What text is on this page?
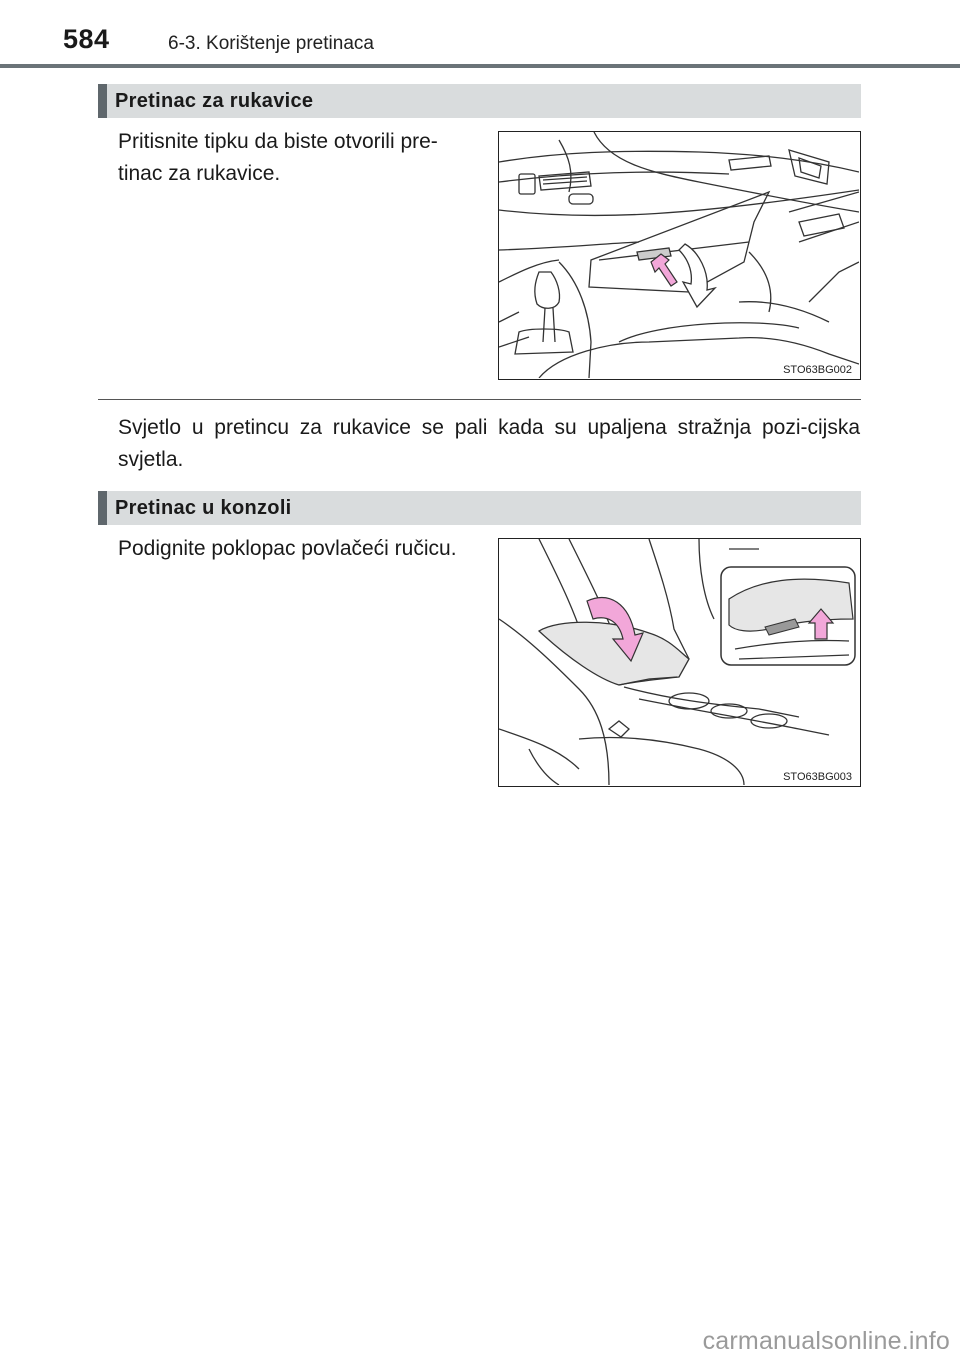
584	6-3. Korištenje pretinaca
Pretinac za rukavice
Pritisnite tipku da biste otvorili pre-tinac za rukavice.
STO63BG002
Svjetlo u pretincu za rukavice se pali kada su upaljena stražnja pozi-cijska svjetla.
Pretinac u konzoli
Podignite poklopac povlačeći ručicu.
STO63BG003
carmanualsonline.info
